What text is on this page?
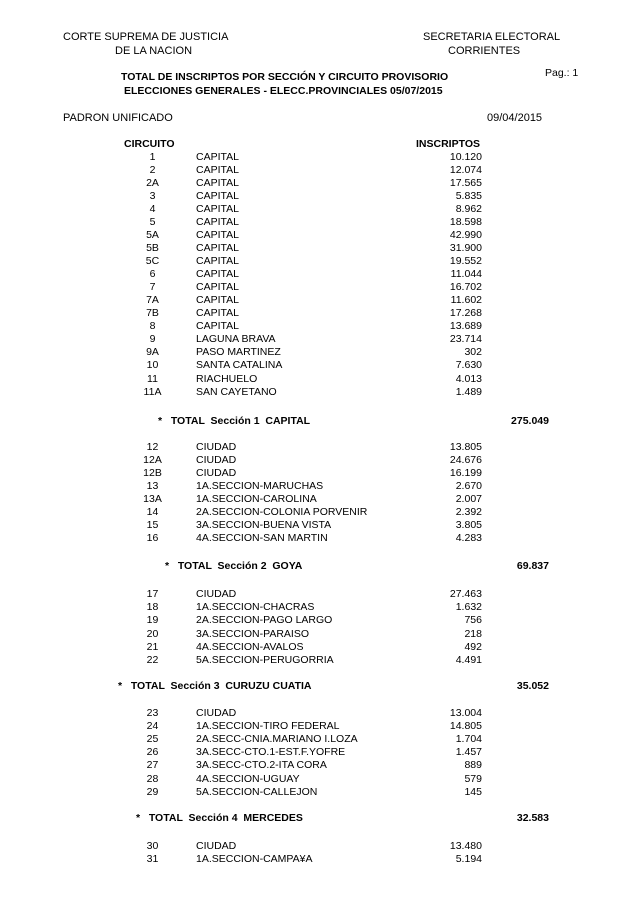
CORTE SUPREMA DE JUSTICIA
DE LA NACION
SECRETARIA ELECTORAL
CORRIENTES
Pag.: 1
TOTAL DE INSCRIPTOS POR SECCIÓN Y CIRCUITO PROVISORIO
ELECCIONES GENERALES - ELECC.PROVINCIALES 05/07/2015
PADRON UNIFICADO	09/04/2015
CIRCUITO	INSCRIPTOS
1	CAPITAL	10.120
2	CAPITAL	12.074
2A	CAPITAL	17.565
3	CAPITAL	5.835
4	CAPITAL	8.962
5	CAPITAL	18.598
5A	CAPITAL	42.990
5B	CAPITAL	31.900
5C	CAPITAL	19.552
6	CAPITAL	11.044
7	CAPITAL	16.702
7A	CAPITAL	11.602
7B	CAPITAL	17.268
8	CAPITAL	13.689
9	LAGUNA BRAVA	23.714
9A	PASO MARTINEZ	302
10	SANTA CATALINA	7.630
11	RIACHUELO	4.013
11A	SAN CAYETANO	1.489
*   TOTAL  Sección 1  CAPITAL	275.049
12	CIUDAD	13.805
12A	CIUDAD	24.676
12B	CIUDAD	16.199
13	1A.SECCION-MARUCHAS	2.670
13A	1A.SECCION-CAROLINA	2.007
14	2A.SECCION-COLONIA PORVENIR	2.392
15	3A.SECCION-BUENA VISTA	3.805
16	4A.SECCION-SAN MARTIN	4.283
*   TOTAL  Sección 2  GOYA	69.837
17	CIUDAD	27.463
18	1A.SECCION-CHACRAS	1.632
19	2A.SECCION-PAGO LARGO	756
20	3A.SECCION-PARAISO	218
21	4A.SECCION-AVALOS	492
22	5A.SECCION-PERUGORRIA	4.491
*   TOTAL  Sección 3  CURUZU CUATIA	35.052
23	CIUDAD	13.004
24	1A.SECCION-TIRO FEDERAL	14.805
25	2A.SECC-CNIA.MARIANO I.LOZA	1.704
26	3A.SECC-CTO.1-EST.F.YOFRE	1.457
27	3A.SECC-CTO.2-ITA CORA	889
28	4A.SECCION-UGUAY	579
29	5A.SECCION-CALLEJON	145
*   TOTAL  Sección 4  MERCEDES	32.583
30	CIUDAD	13.480
31	1A.SECCION-CAMPA¥A	5.194
